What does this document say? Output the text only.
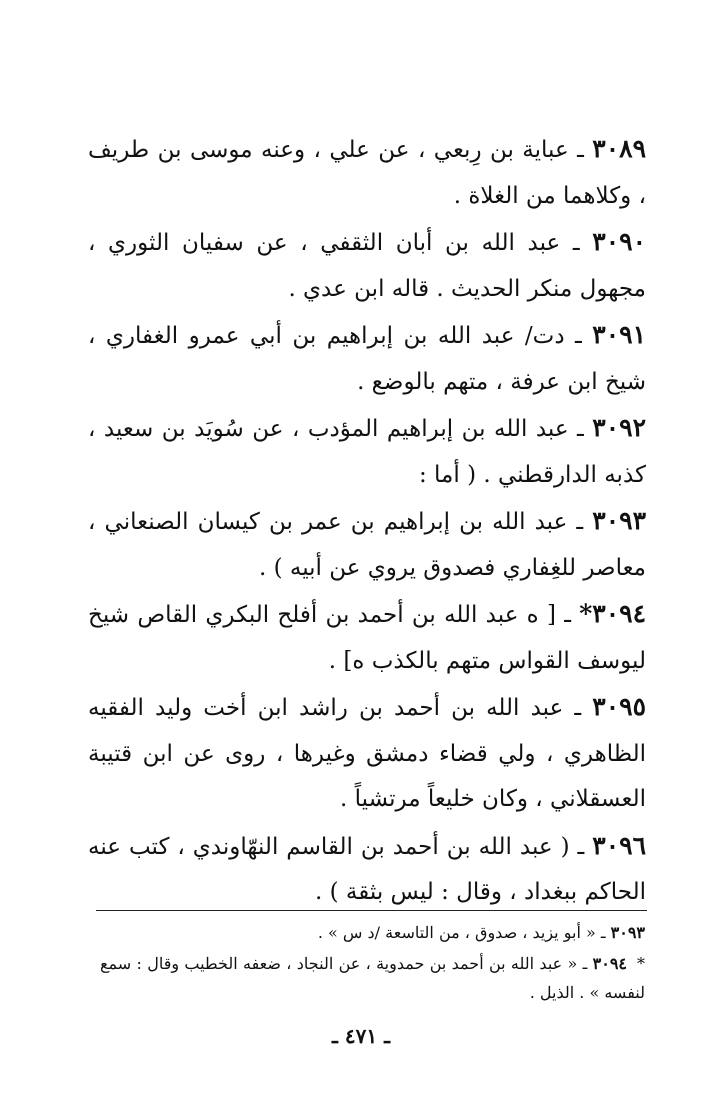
٣٠٨٩ ـ عباية بن رِبعي ، عن علي ، وعنه موسى بن طريف ، وكلاهما من الغلاة .

٣٠٩٠ ـ عبد الله بن أبان الثقفي ، عن سفيان الثوري ، مجهول منكر الحديث . قاله ابن عدي .

٣٠٩١ ـ دت/ عبد الله بن إبراهيم بن أبي عمرو الغفاري ، شيخ ابن عرفة ، متهم بالوضع .

٣٠٩٢ ـ عبد الله بن إبراهيم المؤدب ، عن سُويَد بن سعيد ، كذبه الدارقطني . ( أما :

٣٠٩٣ ـ عبد الله بن إبراهيم بن عمر بن كيسان الصنعاني ، معاصر للغِفاري فصدوق يروي عن أبيه ) .

٣٠٩٤* ـ [ ه عبد الله بن أحمد بن أفلح البكري القاص شيخ ليوسف القواس متهم بالكذب ه] .

٣٠٩٥ ـ عبد الله بن أحمد بن راشد ابن أخت وليد الفقيه الظاهري ، ولي قضاء دمشق وغيرها ، روى عن ابن قتيبة العسقلاني ، وكان خليعاً مرتشياً .

٣٠٩٦ ـ ( عبد الله بن أحمد بن القاسم النهّاوندي ، كتب عنه الحاكم ببغداد ، وقال : ليس بثقة ) .

٣٠٩٣ ـ « أبو يزيد ، صدوق ، من التاسعة /د س » .

*٣٠٩٤ ـ « عبد الله بن أحمد بن حمدوية ، عن النجاد ، ضعفه الخطيب وقال : سمع لنفسه » . الذيل .

ـ ٤٧١ ـ
